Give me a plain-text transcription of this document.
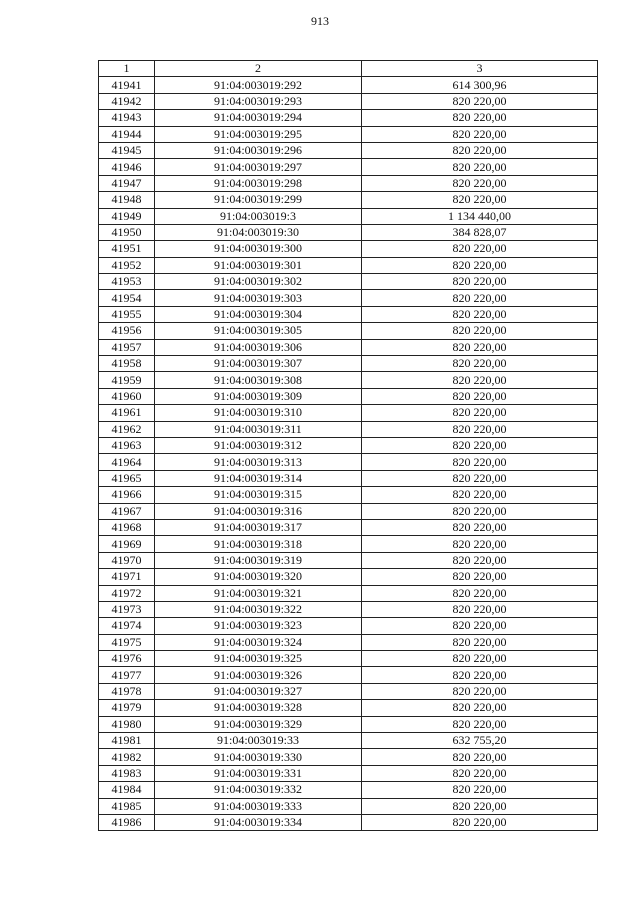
913
1	2	3
41941	91:04:003019:292	614 300,96
41942	91:04:003019:293	820 220,00
41943	91:04:003019:294	820 220,00
41944	91:04:003019:295	820 220,00
41945	91:04:003019:296	820 220,00
41946	91:04:003019:297	820 220,00
41947	91:04:003019:298	820 220,00
41948	91:04:003019:299	820 220,00
41949	91:04:003019:3	1 134 440,00
41950	91:04:003019:30	384 828,07
41951	91:04:003019:300	820 220,00
41952	91:04:003019:301	820 220,00
41953	91:04:003019:302	820 220,00
41954	91:04:003019:303	820 220,00
41955	91:04:003019:304	820 220,00
41956	91:04:003019:305	820 220,00
41957	91:04:003019:306	820 220,00
41958	91:04:003019:307	820 220,00
41959	91:04:003019:308	820 220,00
41960	91:04:003019:309	820 220,00
41961	91:04:003019:310	820 220,00
41962	91:04:003019:311	820 220,00
41963	91:04:003019:312	820 220,00
41964	91:04:003019:313	820 220,00
41965	91:04:003019:314	820 220,00
41966	91:04:003019:315	820 220,00
41967	91:04:003019:316	820 220,00
41968	91:04:003019:317	820 220,00
41969	91:04:003019:318	820 220,00
41970	91:04:003019:319	820 220,00
41971	91:04:003019:320	820 220,00
41972	91:04:003019:321	820 220,00
41973	91:04:003019:322	820 220,00
41974	91:04:003019:323	820 220,00
41975	91:04:003019:324	820 220,00
41976	91:04:003019:325	820 220,00
41977	91:04:003019:326	820 220,00
41978	91:04:003019:327	820 220,00
41979	91:04:003019:328	820 220,00
41980	91:04:003019:329	820 220,00
41981	91:04:003019:33	632 755,20
41982	91:04:003019:330	820 220,00
41983	91:04:003019:331	820 220,00
41984	91:04:003019:332	820 220,00
41985	91:04:003019:333	820 220,00
41986	91:04:003019:334	820 220,00
